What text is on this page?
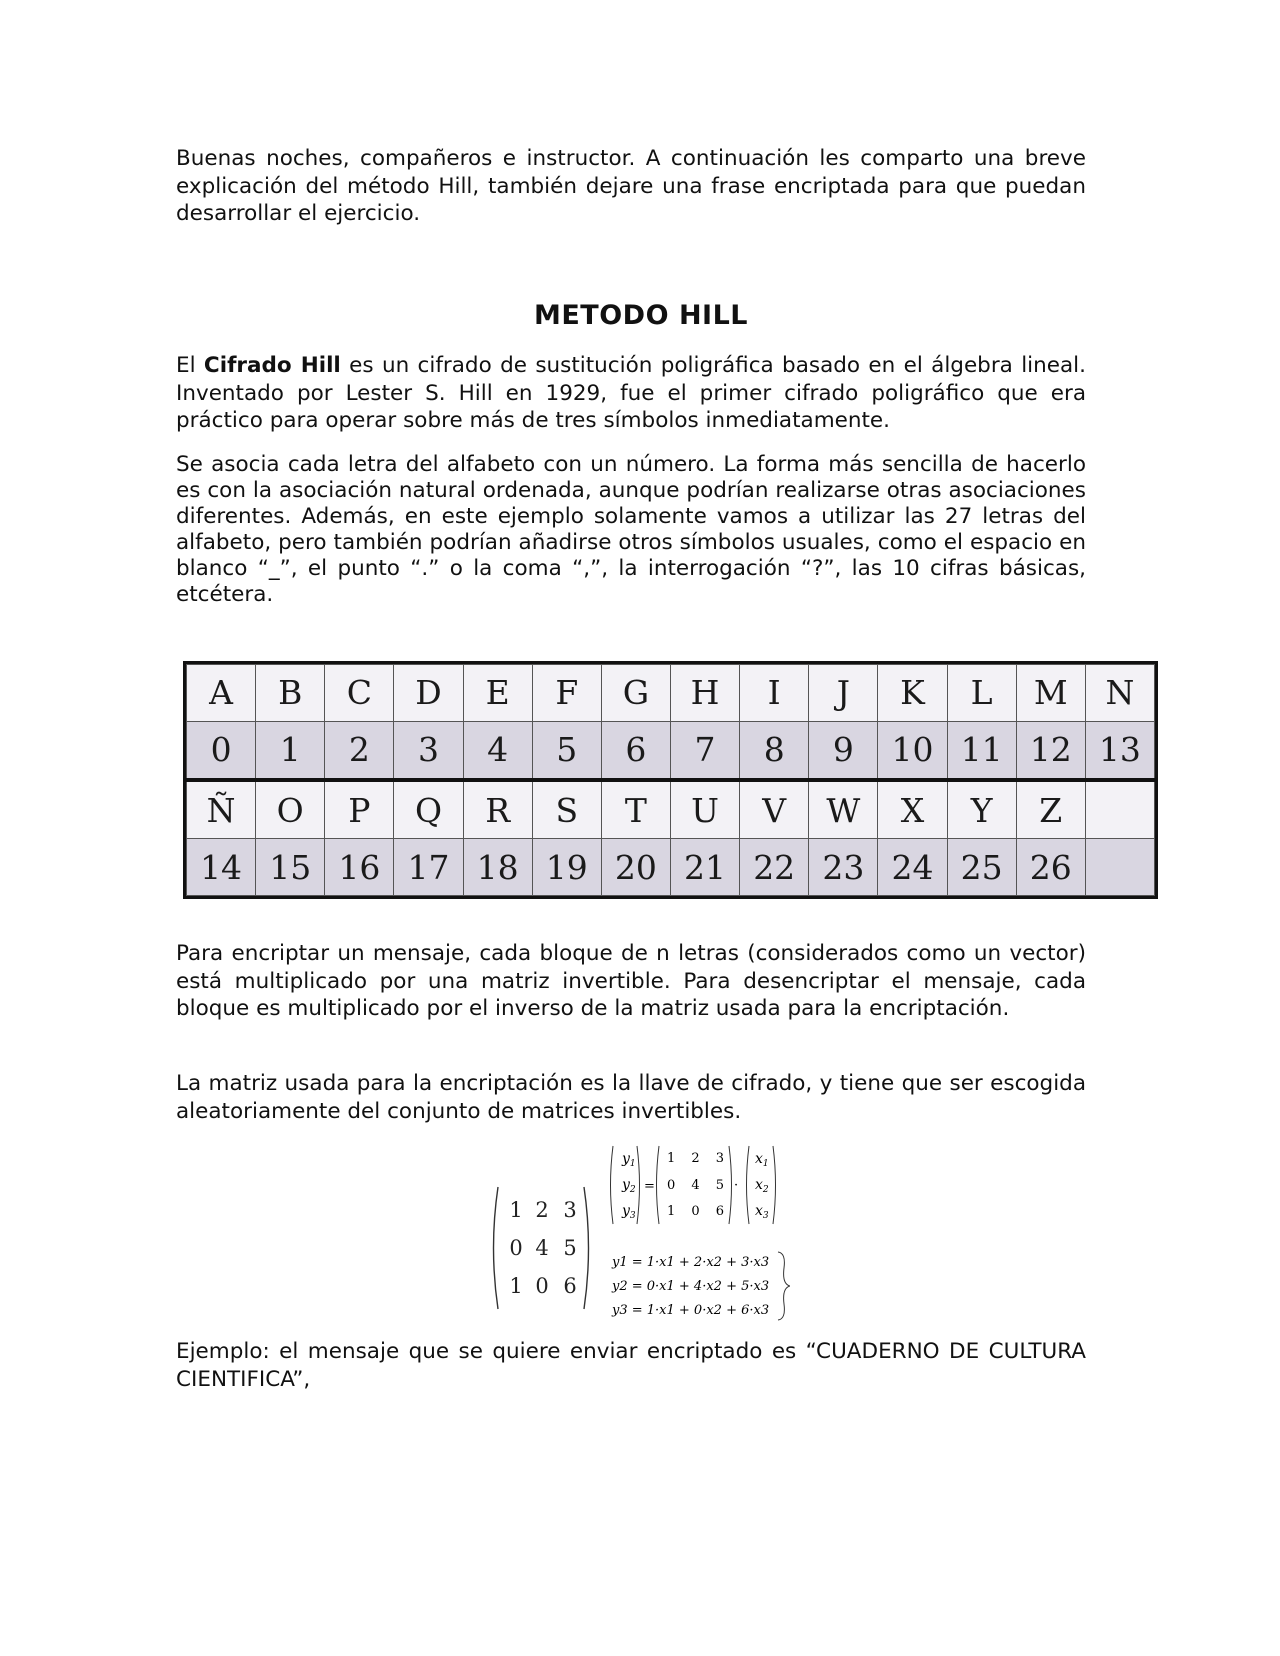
Buenas noches, compañeros e instructor. A continuación les comparto una breve explicación del método Hill, también dejare una frase encriptada para que puedan desarrollar el ejercicio.

METODO HILL

El Cifrado Hill es un cifrado de sustitución poligráfica basado en el álgebra lineal. Inventado por Lester S. Hill en 1929, fue el primer cifrado poligráfico que era práctico para operar sobre más de tres símbolos inmediatamente.

Se asocia cada letra del alfabeto con un número. La forma más sencilla de hacerlo es con la asociación natural ordenada, aunque podrían realizarse otras asociaciones diferentes. Además, en este ejemplo solamente vamos a utilizar las 27 letras del alfabeto, pero también podrían añadirse otros símbolos usuales, como el espacio en blanco “_”, el punto “.” o la coma “,”, la interrogación “?”, las 10 cifras básicas, etcétera.

A	B	C	D	E	F	G	H	I	J	K	L	M	N
0	1	2	3	4	5	6	7	8	9	10	11	12	13
Ñ	O	P	Q	R	S	T	U	V	W	X	Y	Z	
14	15	16	17	18	19	20	21	22	23	24	25	26	

Para encriptar un mensaje, cada bloque de n letras (considerados como un vector) está multiplicado por una matriz invertible. Para desencriptar el mensaje, cada bloque es multiplicado por el inverso de la matriz usada para la encriptación.

La matriz usada para la encriptación es la llave de cifrado, y tiene que ser escogida aleatoriamente del conjunto de matrices invertibles.

1 2 3
0 4 5
1 0 6
$y_1$
$y_2$
$y_3$
=
1 2 3
0 4 5
1 0 6
·
$x_1$
$x_2$
$x_3$
y1 = 1·x1 + 2·x2 + 3·x3
y2 = 0·x1 + 4·x2 + 5·x3
y3 = 1·x1 + 0·x2 + 6·x3

Ejemplo: el mensaje que se quiere enviar encriptado es “CUADERNO DE CULTURA CIENTIFICA”,
